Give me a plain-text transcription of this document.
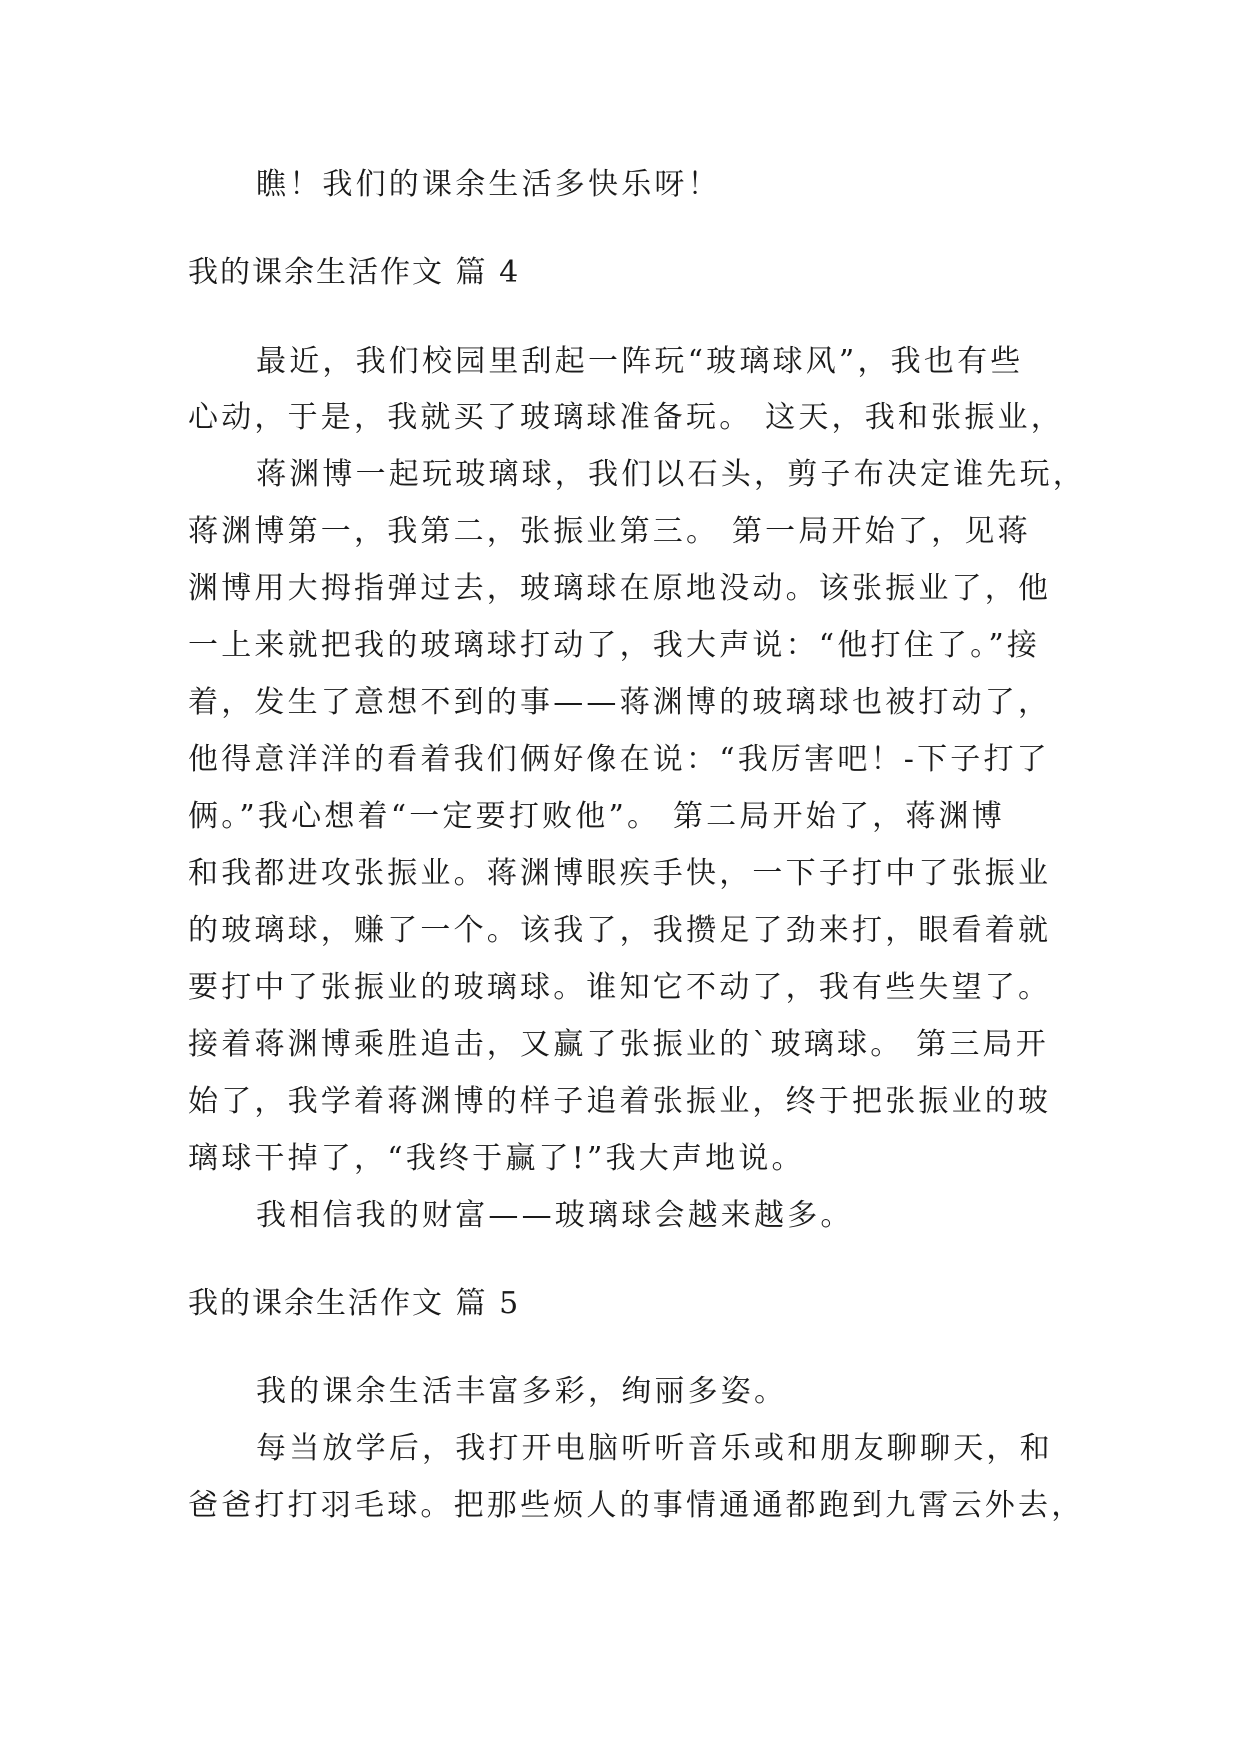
瞧！我们的课余生活多快乐呀！
我的课余生活作文 篇 4
最近，我们校园里刮起一阵玩“玻璃球风”，我也有些
心动，于是，我就买了玻璃球准备玩。 这天，我和张振业，
蒋渊博一起玩玻璃球，我们以石头，剪子布决定谁先玩，
蒋渊博第一，我第二，张振业第三。 第一局开始了，见蒋
渊博用大拇指弹过去，玻璃球在原地没动。该张振业了，他
一上来就把我的玻璃球打动了，我大声说：“他打住了。”接
着，发生了意想不到的事——蒋渊博的玻璃球也被打动了，
他得意洋洋的看着我们俩好像在说：“我厉害吧！-下子打了
俩。”我心想着“一定要打败他”。 第二局开始了，蒋渊博
和我都进攻张振业。蒋渊博眼疾手快，一下子打中了张振业
的玻璃球，赚了一个。该我了，我攒足了劲来打，眼看着就
要打中了张振业的玻璃球。谁知它不动了，我有些失望了。
接着蒋渊博乘胜追击，又赢了张振业的`玻璃球。 第三局开
始了，我学着蒋渊博的样子追着张振业，终于把张振业的玻
璃球干掉了，“我终于赢了!”我大声地说。
我相信我的财富——玻璃球会越来越多。
我的课余生活作文 篇 5
我的课余生活丰富多彩，绚丽多姿。
每当放学后，我打开电脑听听音乐或和朋友聊聊天，和
爸爸打打羽毛球。把那些烦人的事情通通都跑到九霄云外去，
